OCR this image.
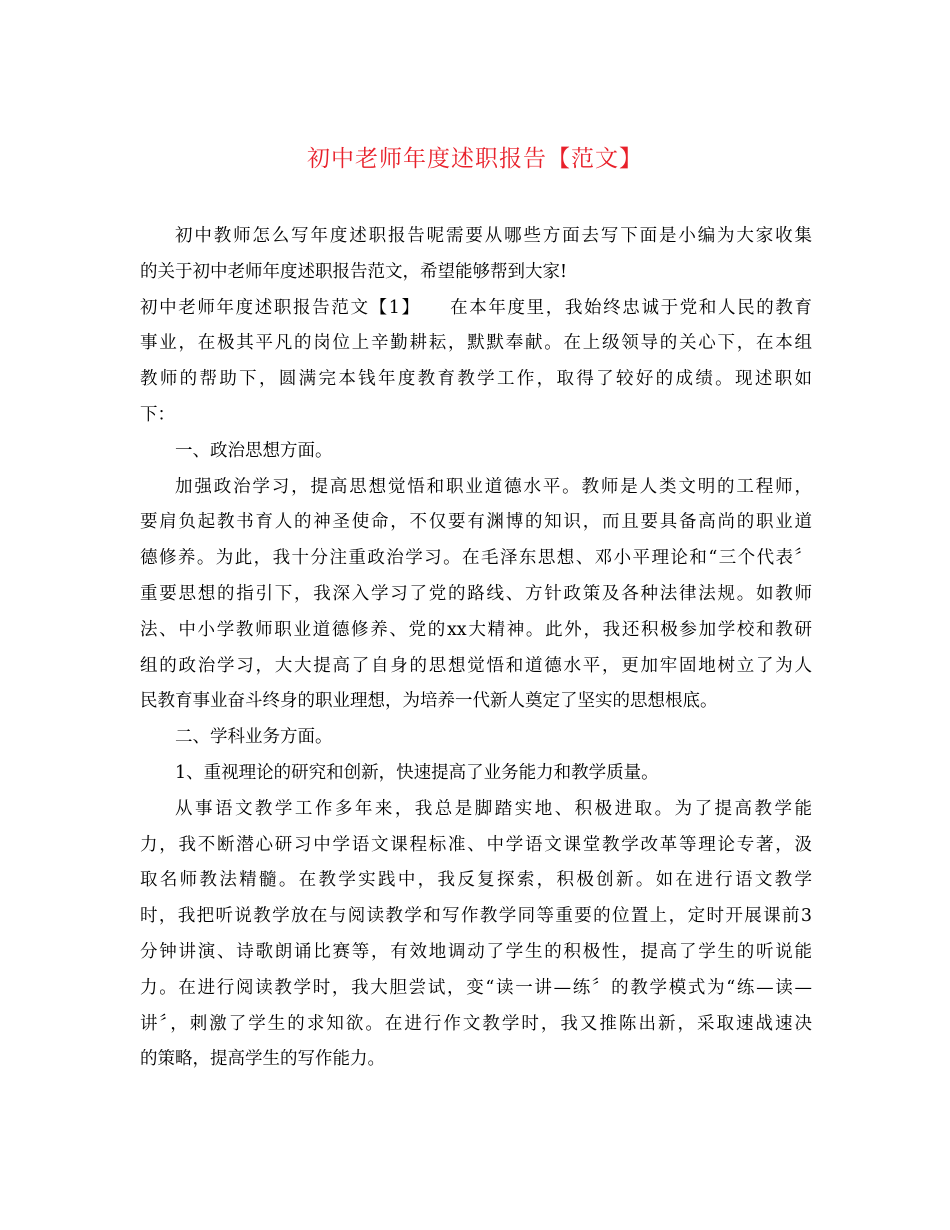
初中老师年度述职报告【范文】
初中教师怎么写年度述职报告呢需要从哪些方面去写下面是小编为大家收集
的关于初中老师年度述职报告范文，希望能够帮到大家!
初中老师年度述职报告范文【1】　　在本年度里，我始终忠诚于党和人民的教育
事业，在极其平凡的岗位上辛勤耕耘，默默奉献。在上级领导的关心下，在本组
教师的帮助下，圆满完本钱年度教育教学工作，取得了较好的成绩。现述职如
下：
一、政治思想方面。
加强政治学习，提高思想觉悟和职业道德水平。教师是人类文明的工程师，
要肩负起教书育人的神圣使命，不仅要有渊博的知识，而且要具备高尚的职业道
德修养。为此，我十分注重政治学习。在毛泽东思想、邓小平理论和“三个代表〞
重要思想的指引下，我深入学习了党的路线、方针政策及各种法律法规。如教师
法、中小学教师职业道德修养、党的xx大精神。此外，我还积极参加学校和教研
组的政治学习，大大提高了自身的思想觉悟和道德水平，更加牢固地树立了为人
民教育事业奋斗终身的职业理想，为培养一代新人奠定了坚实的思想根底。
二、学科业务方面。
1、重视理论的研究和创新，快速提高了业务能力和教学质量。
从事语文教学工作多年来，我总是脚踏实地、积极进取。为了提高教学能
力，我不断潜心研习中学语文课程标准、中学语文课堂教学改革等理论专著，汲
取名师教法精髓。在教学实践中，我反复探索，积极创新。如在进行语文教学
时，我把听说教学放在与阅读教学和写作教学同等重要的位置上，定时开展课前3
分钟讲演、诗歌朗诵比赛等，有效地调动了学生的积极性，提高了学生的听说能
力。在进行阅读教学时，我大胆尝试，变“读一讲—练〞的教学模式为“练—读—
讲〞，刺激了学生的求知欲。在进行作文教学时，我又推陈出新，采取速战速决
的策略，提高学生的写作能力。
